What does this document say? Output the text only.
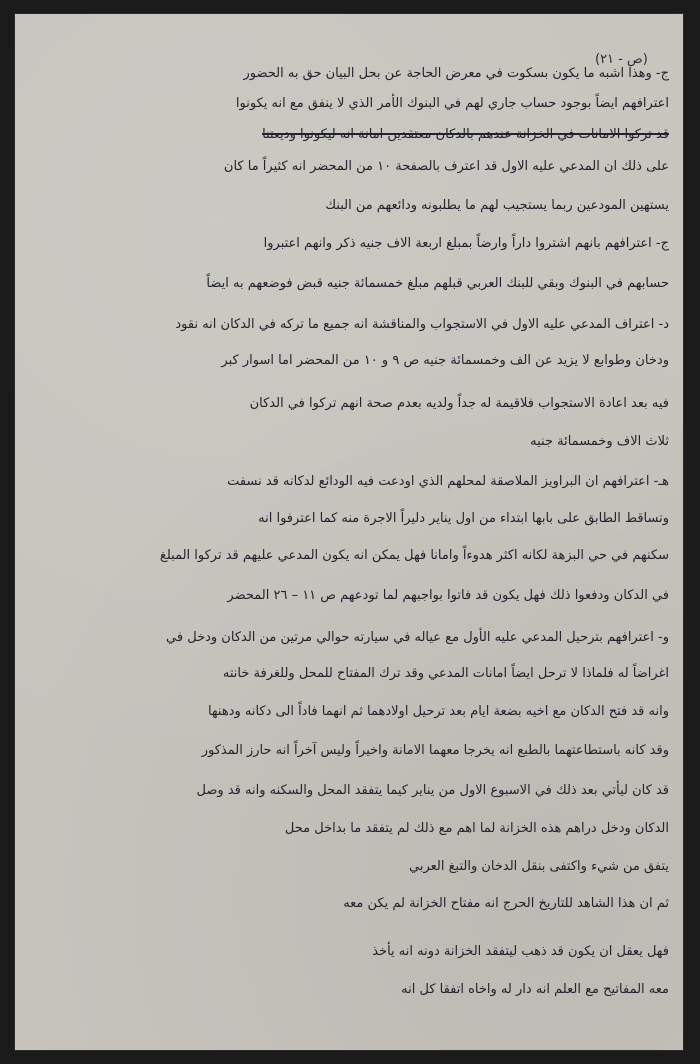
(ص - ٢١)
ج- وهذا اشبه ما يكون بسكوت في معرض الحاجة عن بحل البيان حق به الحضور
اعترافهم ايضاً بوجود حساب جاري لهم في البنوك الأمر الذي لا ينفق مع انه يكونوا
قد تركوا الامانات في الخزانة عندهم بالدكان معتقدين امانة انه ليكونوا وديعتنا
على ذلك ان المدعي عليه الاول قد اعترف بالصفحة ١٠ من المحضر انه كثيراً ما كان
يستهين المودعين ربما يستجيب لهم ما يطلبونه ودائعهم من البنك
ج- اعترافهم بانهم اشتروا داراً وارضاً بمبلغ اربعة الاف جنيه ذكر وانهم اعتبروا
حسابهم في البنوك وبقي للبنك العربي قبلهم مبلغ خمسمائة جنيه قبض فوضعهم به ايضاً
د- اعتراف المدعي عليه الاول في الاستجواب والمناقشة انه جميع ما تركه في الدكان انه نقود
ودخان وطوابع لا يزيد عن الف وخمسمائة جنيه ص ٩ و ١٠ من المحضر اما اسوار كبر
فيه بعد اعادة الاستجواب فلاقيمة له جداً ولديه بعدم صحة انهم تركوا في الدكان
ثلاث الاف وخمسمائة جنيه
هـ- اعترافهم ان البراويز الملاصقة لمحلهم الذي اودعت فيه الودائع لدكانه قد نسفت
وتساقط الطابق على بابها ابتداء من اول يناير دليراً الاجرة منه كما اعترفوا انه
سكنهم في حي البزهة لكانه اكثر هدوءاً وامانا فهل يمكن انه يكون المدعي عليهم قد تركوا المبلغ
في الدكان ودفعوا ذلك فهل يكون قد فاتوا بواجبهم لما تودعهم ص ١١ – ٢٦ المحضر
و- اعترافهم بترحيل المدعي عليه الأول مع عياله في سيارته حوالي مرتين من الدكان ودخل في
اغراضاً له فلماذا لا ترحل ايضاً امانات المدعي وقد ترك المفتاح للمحل وللغرفة خانته
وانه قد فتح الدكان مع اخيه بضعة ايام بعد ترحيل اولادهما ثم انهما فاداً الى دكانه ودهنها
وقد كانه باستطاعتهما بالطبع انه يخرجا معهما الامانة واخيراً وليس آخراً انه حارز المذكور
قد كان ليأتي بعد ذلك في الاسبوع الاول من يناير كيما يتفقد المحل والسكنه وانه قد وصل
الدكان ودخل دراهم هذه الخزانة لما اهم مع ذلك لم يتفقد ما بداخل محل
يتفق من شيء واكتفى بنقل الدخان والتبغ العربي
ثم ان هذا الشاهد للتاريخ الحرج انه مفتاح الخزانة لم يكن معه
فهل يعقل ان يكون قد ذهب ليتفقد الخزانة دونه انه يأخذ
معه المفاتيح مع العلم انه دار له واخاه اتفقا كل انه
